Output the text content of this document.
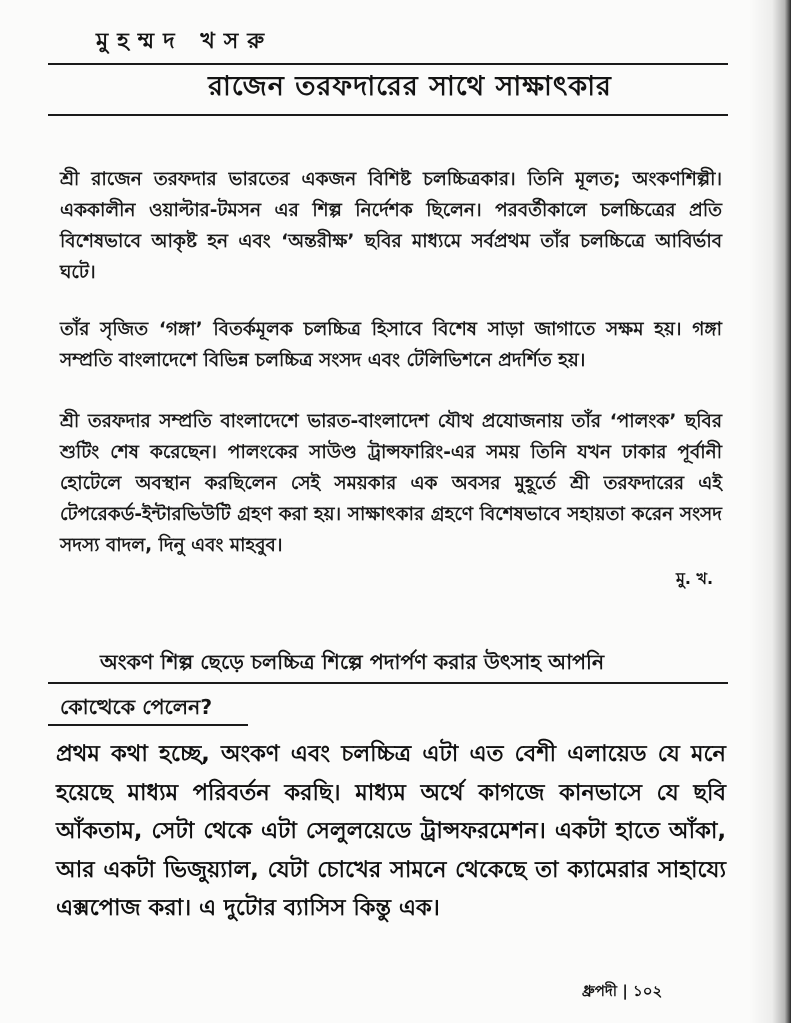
মুহম্মদ খসরু
রাজেন তরফদারের সাথে সাক্ষাৎকার

শ্রী রাজেন তরফদার ভারতের একজন বিশিষ্ট চলচ্চিত্রকার। তিনি মূলত; অংকণশিল্পী। এককালীন ওয়াল্টার-টমসন এর শিল্প নির্দেশক ছিলেন। পরবর্তীকালে চলচ্চিত্রের প্রতি বিশেষভাবে আকৃষ্ট হন এবং ‘অন্তরীক্ষ’ ছবির মাধ্যমে সর্বপ্রথম তাঁর চলচ্চিত্রে আবির্ভাব ঘটে।

তাঁর সৃজিত ‘গঙ্গা’ বিতর্কমূলক চলচ্চিত্র হিসাবে বিশেষ সাড়া জাগাতে সক্ষম হয়। গঙ্গা সম্প্রতি বাংলাদেশে বিভিন্ন চলচ্চিত্র সংসদ এবং টেলিভিশনে প্রদর্শিত হয়।

শ্রী তরফদার সম্প্রতি বাংলাদেশে ভারত-বাংলাদেশ যৌথ প্রযোজনায় তাঁর ‘পালংক’ ছবির শুটিং শেষ করেছেন। পালংকের সাউণ্ড ট্রান্সফারিং-এর সময় তিনি যখন ঢাকার পূর্বানী হোটেলে অবস্থান করছিলেন সেই সময়কার এক অবসর মুহূর্তে শ্রী তরফদারের এই টেপরেকর্ড-ইন্টারভিউটি গ্রহণ করা হয়। সাক্ষাৎকার গ্রহণে বিশেষভাবে সহায়তা করেন সংসদ সদস্য বাদল, দিনু এবং মাহবুব।

মু. খ.
অংকণ শিল্প ছেড়ে চলচ্চিত্র শিল্পে পদার্পণ করার উৎসাহ আপনি
কোত্থেকে পেলেন?

প্রথম কথা হচ্ছে, অংকণ এবং চলচ্চিত্র এটা এত বেশী এলায়েড যে মনে হয়েছে মাধ্যম পরিবর্তন করছি। মাধ্যম অর্থে কাগজে কানভাসে যে ছবি আঁকতাম, সেটা থেকে এটা সেলুলয়েডে ট্রান্সফরমেশন। একটা হাতে আঁকা, আর একটা ভিজুয়্যাল, যেটা চোখের সামনে থেকেছে তা ক্যামেরার সাহায্যে এক্সপোজ করা। এ দুটোর ব্যাসিস কিন্তু এক।

ধ্রুপদী | ১০২
